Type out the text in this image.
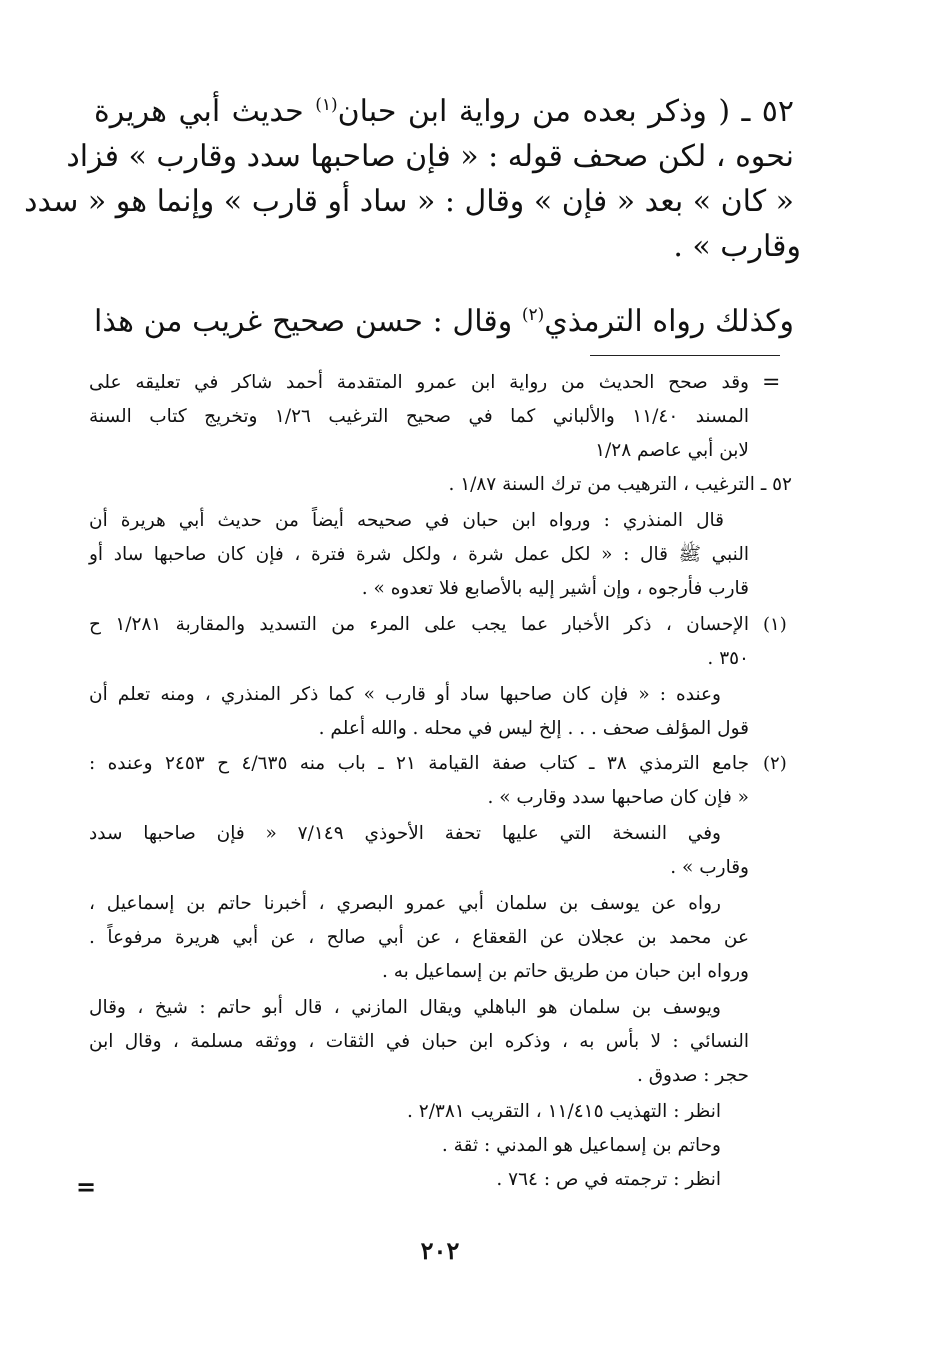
٥٢ ـ ( وذكر بعده من رواية ابن حبان$^{(١)}$ حديث أبي هريرة
نحوه ، لكن صحف قوله : « فإن صاحبها سدد وقارب » فزاد
« كان » بعد « فإن » وقال : « ساد أو قارب » وإنما هو « سدد
وقارب » .
وكذلك رواه الترمذي$^{(٢)}$ وقال : حسن صحيح غريب من هذا
=
وقد صحح الحديث من رواية ابن عمرو المتقدمة أحمد شاكر في تعليقه على
المسند ١١/٤٠ والألباني كما في صحيح الترغيب ١/٢٦ وتخريج كتاب السنة
لابن أبي عاصم ١/٢٨
٥٢ ـ الترغيب ، الترهيب من ترك السنة ١/٨٧ .
قال المنذري : ورواه ابن حبان في صحيحه أيضاً من حديث أبي هريرة أن
النبي ﷺ قال : « لكل عمل شرة ، ولكل شرة فترة ، فإن كان صاحبها ساد أو
قارب فأرجوه ، وإن أشير إليه بالأصابع فلا تعدوه » .
(١)
الإحسان ، ذكر الأخبار عما يجب على المرء من التسديد والمقاربة ١/٢٨١ ح
٣٥٠ .
وعنده : « فإن كان صاحبها ساد أو قارب » كما ذكر المنذري ، ومنه تعلم أن
قول المؤلف صحف . . . إلخ ليس في محله . والله أعلم .
(٢)
جامع الترمذي ٣٨ ـ كتاب صفة القيامة ٢١ ـ باب منه ٤/٦٣٥ ح ٢٤٥٣ وعنده :
« فإن كان صاحبها سدد وقارب » .
وفي النسخة التي عليها تحفة الأحوذي ٧/١٤٩ « فإن صاحبها سدد
وقارب » .
رواه عن يوسف بن سلمان أبي عمرو البصري ، أخبرنا حاتم بن إسماعيل ،
عن محمد بن عجلان عن القعقاع ، عن أبي صالح ، عن أبي هريرة مرفوعاً .
ورواه ابن حبان من طريق حاتم بن إسماعيل به .
ويوسف بن سلمان هو الباهلي ويقال المازني ، قال أبو حاتم : شيخ ، وقال
النسائي : لا بأس به ، وذكره ابن حبان في الثقات ، ووثقه مسلمة ، وقال ابن
حجر : صدوق .
انظر : التهذيب ١١/٤١٥ ، التقريب ٢/٣٨١ .
وحاتم بن إسماعيل هو المدني : ثقة .
انظر : ترجمته في ص : ٧٦٤ .
=
٢٠٢
